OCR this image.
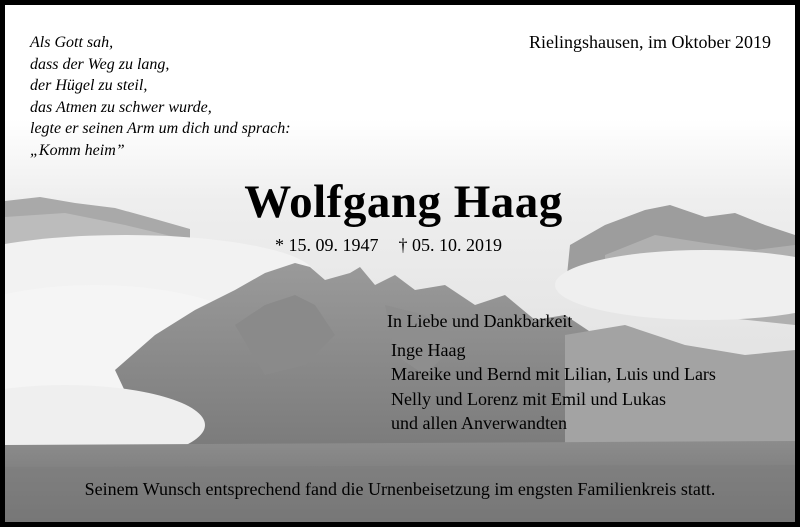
Als Gott sah,
dass der Weg zu lang,
der Hügel zu steil,
das Atmen zu schwer wurde,
legte er seinen Arm um dich und sprach:
„Komm heim”
Rielingshausen, im Oktober 2019
Wolfgang Haag
* 15. 09. 1947 † 05. 10. 2019
In Liebe und Dankbarkeit
Inge Haag
Mareike und Bernd mit Lilian, Luis und Lars
Nelly und Lorenz mit Emil und Lukas
und allen Anverwandten
Seinem Wunsch entsprechend fand die Urnenbeisetzung im engsten Familienkreis statt.
